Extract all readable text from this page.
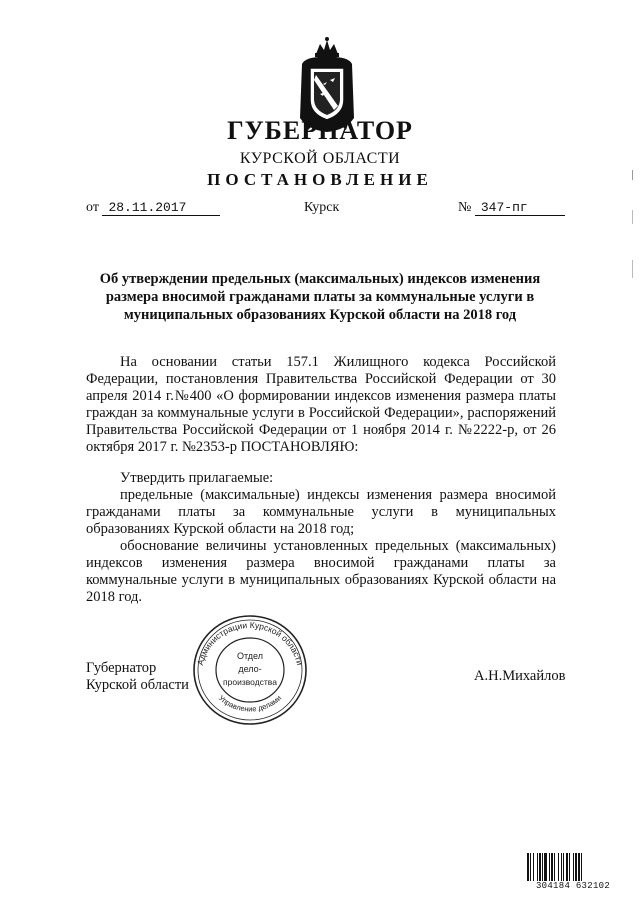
ГУБЕРНАТОР
КУРСКОЙ ОБЛАСТИ
ПОСТАНОВЛЕНИЕ
от 28.11.2017	Курск	№ 347-пг
Об утверждении предельных (максимальных) индексов изменения размера вносимой гражданами платы за коммунальные услуги в муниципальных образованиях Курской области на 2018 год

На основании статьи 157.1 Жилищного кодекса Российской Федерации, постановления Правительства Российской Федерации от 30 апреля 2014 г.№400 «О формировании индексов изменения размера платы граждан за коммунальные услуги в Российской Федерации», распоряжений Правительства Российской Федерации от 1 ноября 2014 г. №2222-р, от 26 октября 2017 г. №2353-р ПОСТАНОВЛЯЮ:

Утвердить прилагаемые:

предельные (максимальные) индексы изменения размера вносимой гражданами платы за коммунальные услуги в муниципальных образованиях Курской области на 2018 год;

обоснование величины установленных предельных (максимальных) индексов изменения размера вносимой гражданами платы за коммунальные услуги в муниципальных образованиях Курской области на 2018 год.

Губернатор
Курской области
А.Н.Михайлов
Администрации Курской области
Управление делами
Отдел
дело-
производства
304184 632102
